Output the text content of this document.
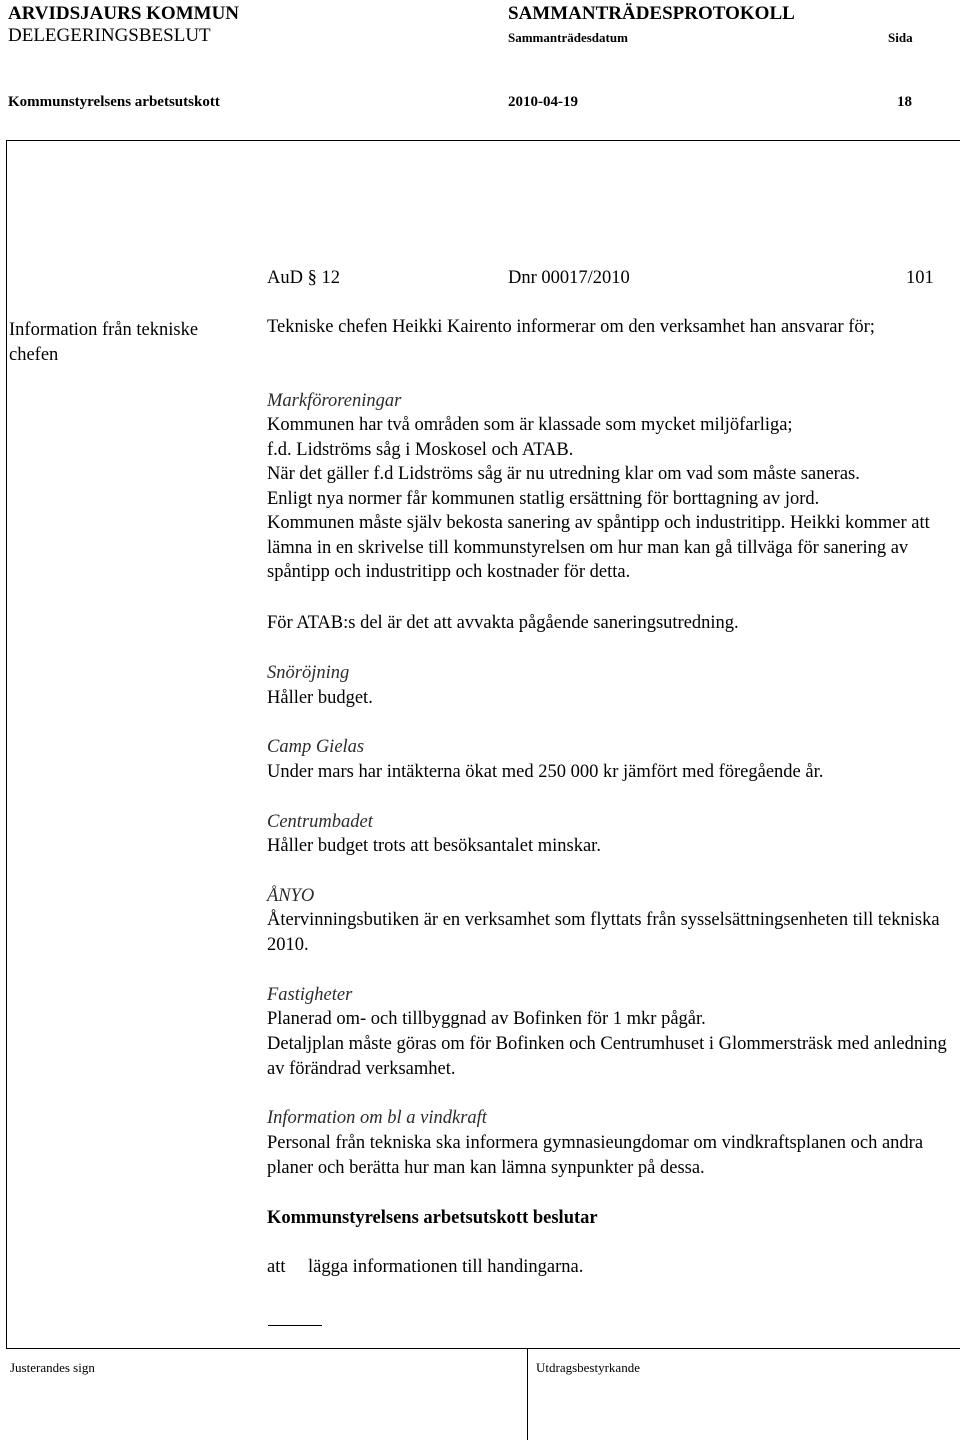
ARVIDSJAURS KOMMUN	SAMMANTRÄDESPROTOKOLL
DELEGERINGSBESLUT	Sammanträdesdatum	Sida
Kommunstyrelsens arbetsutskott	2010-04-19	18
AuD § 12	Dnr 00017/2010	101
Information från tekniske chefen
Tekniske chefen Heikki Kairento informerar om den verksamhet han ansvarar för;
Markföroreningar
Kommunen har två områden som är klassade som mycket miljöfarliga;
f.d. Lidströms såg i Moskosel och ATAB.
När det gäller f.d Lidströms såg är nu utredning klar om vad som måste saneras.
Enligt nya normer får kommunen statlig ersättning för borttagning av jord.
Kommunen måste själv bekosta sanering av spåntipp och industritipp. Heikki kommer att lämna in en skrivelse till kommunstyrelsen om hur man kan gå tillväga för sanering av spåntipp och industritipp och kostnader för detta.
För ATAB:s del är det att avvakta pågående saneringsutredning.
Snöröjning
Håller budget.
Camp Gielas
Under mars har intäkterna ökat med 250 000 kr jämfört med föregående år.
Centrumbadet
Håller budget trots att besöksantalet minskar.
ÅNYO
Återvinningsbutiken är en verksamhet som flyttats från sysselsättningsenheten till tekniska 2010.
Fastigheter
Planerad om- och tillbyggnad av Bofinken för 1 mkr pågår.
Detaljplan måste göras om för Bofinken och Centrumhuset i Glommersträsk med anledning av förändrad verksamhet.
Information om bl a vindkraft
Personal från tekniska ska informera gymnasieungdomar om vindkraftsplanen och andra planer och berätta hur man kan lämna synpunkter på dessa.
Kommunstyrelsens arbetsutskott beslutar
att lägga informationen till handingarna.
Justerandes sign	Utdragsbestyrkande
